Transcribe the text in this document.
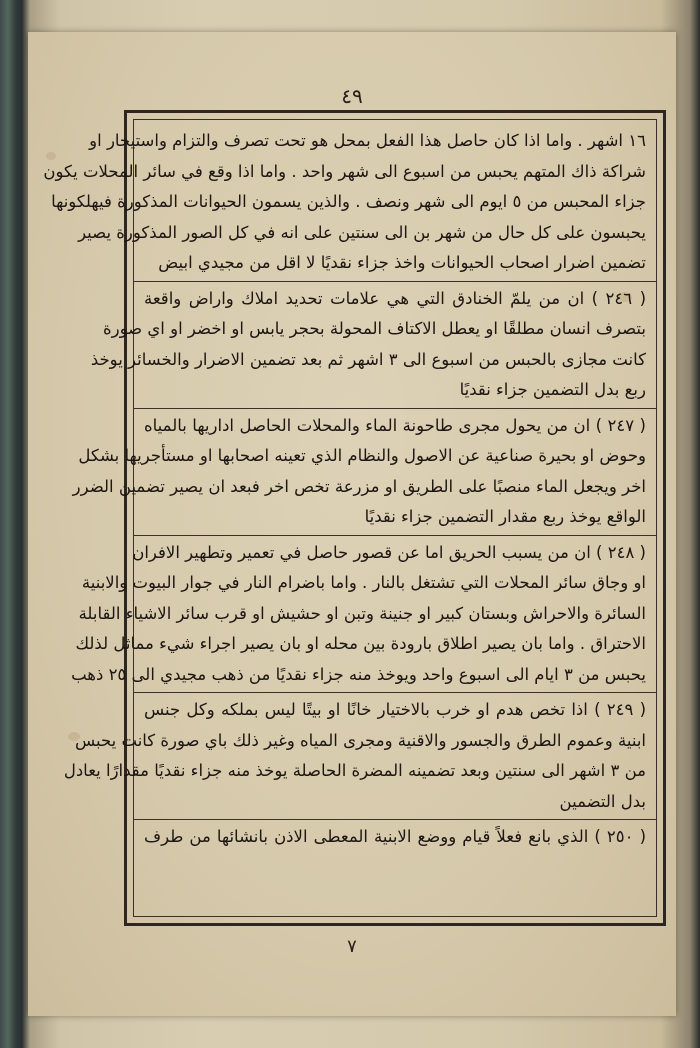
٤٩
١٦ اشهر . واما اذا كان حاصل هذا الفعل بمحل هو تحت تصرف والتزام واستيجار او
شراكة ذاك المتهم يحبس من اسبوع الى شهر واحد . واما اذا وقع في سائر المحلات يكون
جزاء المحبس من ٥ ايوم الى شهر ونصف . والذين يسمون الحيوانات المذكورة فيهلكونها
يحبسون على كل حال من شهر بن الى سنتين على انه في كل الصور المذكورة يصير
تضمين اضرار اصحاب الحيوانات واخذ جزاء نقديًا لا اقل من مجيدي ابيض
( ٢٤٦ ) ان من يلمّ الخنادق التي هي علامات تحديد املاك واراض واقعة
بتصرف انسان مطلقًا او يعطل الاكتاف المحولة بحجر يابس او اخضر او اي صورة
كانت مجازى بالحبس من اسبوع الى ٣ اشهر ثم بعد تضمين الاضرار والخسائر يوخذ
ربع بدل التضمين جزاء نقديًا
( ٢٤٧ ) ان من يحول مجرى طاحونة الماء والمحلات الحاصل اداريها بالمياه
وحوض او بحيرة صناعية عن الاصول والنظام الذي تعينه اصحابها او مستأجريها بشكل
اخر ويجعل الماء منصبًا على الطريق او مزرعة تخص اخر فبعد ان يصير تضمين الضرر
الواقع يوخذ ربع مقدار التضمين جزاء نقديًا
( ٢٤٨ ) ان من يسبب الحريق اما عن قصور حاصل في تعمير وتطهير الافران
او وجاق سائر المحلات التي تشتغل بالنار . واما باضرام النار في جوار البيوت والابنية
السائرة والاحراش وبستان كبير او جنينة وتبن او حشيش او قرب سائر الاشياء القابلة
الاحتراق . واما بان يصير اطلاق بارودة بين محله او بان يصير اجراء شيء مماثل لذلك
يحبس من ٣ ايام الى اسبوع واحد ويوخذ منه جزاء نقديًا من ذهب مجيدي الى ٢٥ ذهب
( ٢٤٩ ) اذا تخص هدم او خرب بالاختيار خانًا او بيتًا ليس بملكه وكل جنس
ابنية وعموم الطرق والجسور والاقنية ومجرى المياه وغير ذلك باي صورة كانت يحبس
من ٣ اشهر الى سنتين وبعد تضمينه المضرة الحاصلة يوخذ منه جزاء نقديًا مقدارًا يعادل
بدل التضمين
( ٢٥٠ ) الذي بانع فعلاً قيام ووضع الابنية المعطى الاذن بانشائها من طرف
٧
